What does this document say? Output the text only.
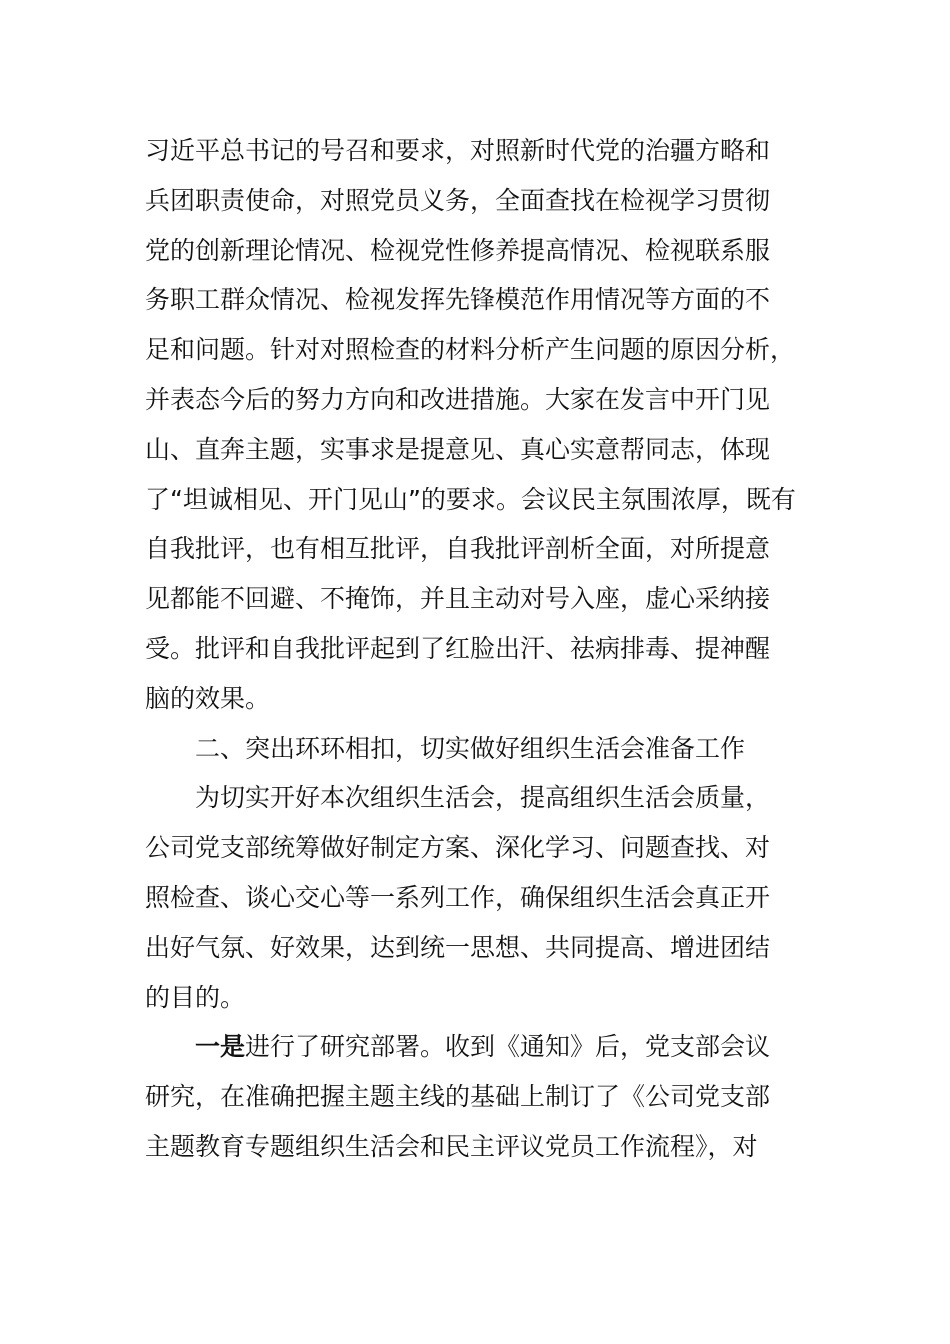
习近平总书记的号召和要求，对照新时代党的治疆方略和
兵团职责使命，对照党员义务，全面查找在检视学习贯彻
党的创新理论情况、检视党性修养提高情况、检视联系服
务职工群众情况、检视发挥先锋模范作用情况等方面的不
足和问题。针对对照检查的材料分析产生问题的原因分析，
并表态今后的努力方向和改进措施。大家在发言中开门见
山、直奔主题，实事求是提意见、真心实意帮同志，体现
了“坦诚相见、开门见山”的要求。会议民主氛围浓厚，既有
自我批评，也有相互批评，自我批评剖析全面，对所提意
见都能不回避、不掩饰，并且主动对号入座，虚心采纳接
受。批评和自我批评起到了红脸出汗、祛病排毒、提神醒
脑的效果。
二、突出环环相扣，切实做好组织生活会准备工作
为切实开好本次组织生活会，提高组织生活会质量，
公司党支部统筹做好制定方案、深化学习、问题查找、对
照检查、谈心交心等一系列工作，确保组织生活会真正开
出好气氛、好效果，达到统一思想、共同提高、增进团结
的目的。
一是进行了研究部署。收到《通知》后，党支部会议
研究，在准确把握主题主线的基础上制订了《公司党支部
主题教育专题组织生活会和民主评议党员工作流程》，对
